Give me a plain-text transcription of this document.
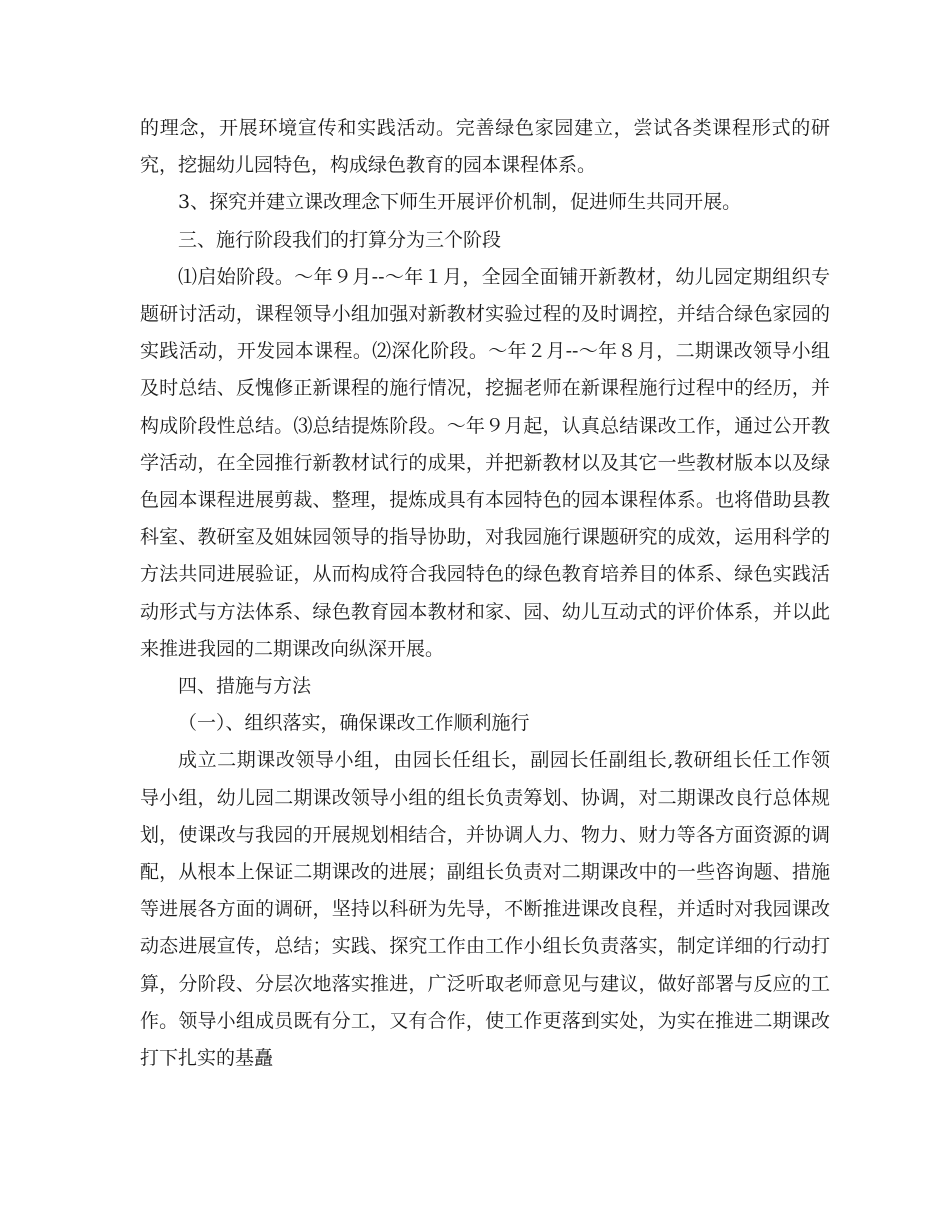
的理念，开展环境宣传和实践活动。完善绿色家园建立，尝试各类课程形式的研究，挖掘幼儿园特色，构成绿色教育的园本课程体系。

3、探究并建立课改理念下师生开展评价机制，促进师生共同开展。

三、施行阶段我们的打算分为三个阶段

⑴启始阶段。～年９月--～年１月，全园全面铺开新教材，幼儿园定期组织专题研讨活动，课程领导小组加强对新教材实验过程的及时调控，并结合绿色家园的实践活动，开发园本课程。⑵深化阶段。～年２月--～年８月，二期课改领导小组及时总结、反愧修正新课程的施行情况，挖掘老师在新课程施行过程中的经历，并构成阶段性总结。⑶总结提炼阶段。～年９月起，认真总结课改工作，通过公开教学活动，在全园推行新教材试行的成果，并把新教材以及其它一些教材版本以及绿色园本课程进展剪裁、整理，提炼成具有本园特色的园本课程体系。也将借助县教科室、教研室及姐妹园领导的指导协助，对我园施行课题研究的成效，运用科学的方法共同进展验证，从而构成符合我园特色的绿色教育培养目的体系、绿色实践活动形式与方法体系、绿色教育园本教材和家、园、幼儿互动式的评价体系，并以此来推进我园的二期课改向纵深开展。

四、措施与方法

（一）、组织落实，确保课改工作顺利施行

成立二期课改领导小组，由园长任组长，副园长任副组长,教研组长任工作领导小组，幼儿园二期课改领导小组的组长负责筹划、协调，对二期课改良行总体规划，使课改与我园的开展规划相结合，并协调人力、物力、财力等各方面资源的调配，从根本上保证二期课改的进展；副组长负责对二期课改中的一些咨询题、措施等进展各方面的调研，坚持以科研为先导，不断推进课改良程，并适时对我园课改动态进展宣传，总结；实践、探究工作由工作小组长负责落实，制定详细的行动打算，分阶段、分层次地落实推进，广泛听取老师意见与建议，做好部署与反应的工作。领导小组成员既有分工，又有合作，使工作更落到实处，为实在推进二期课改打下扎实的基矗
